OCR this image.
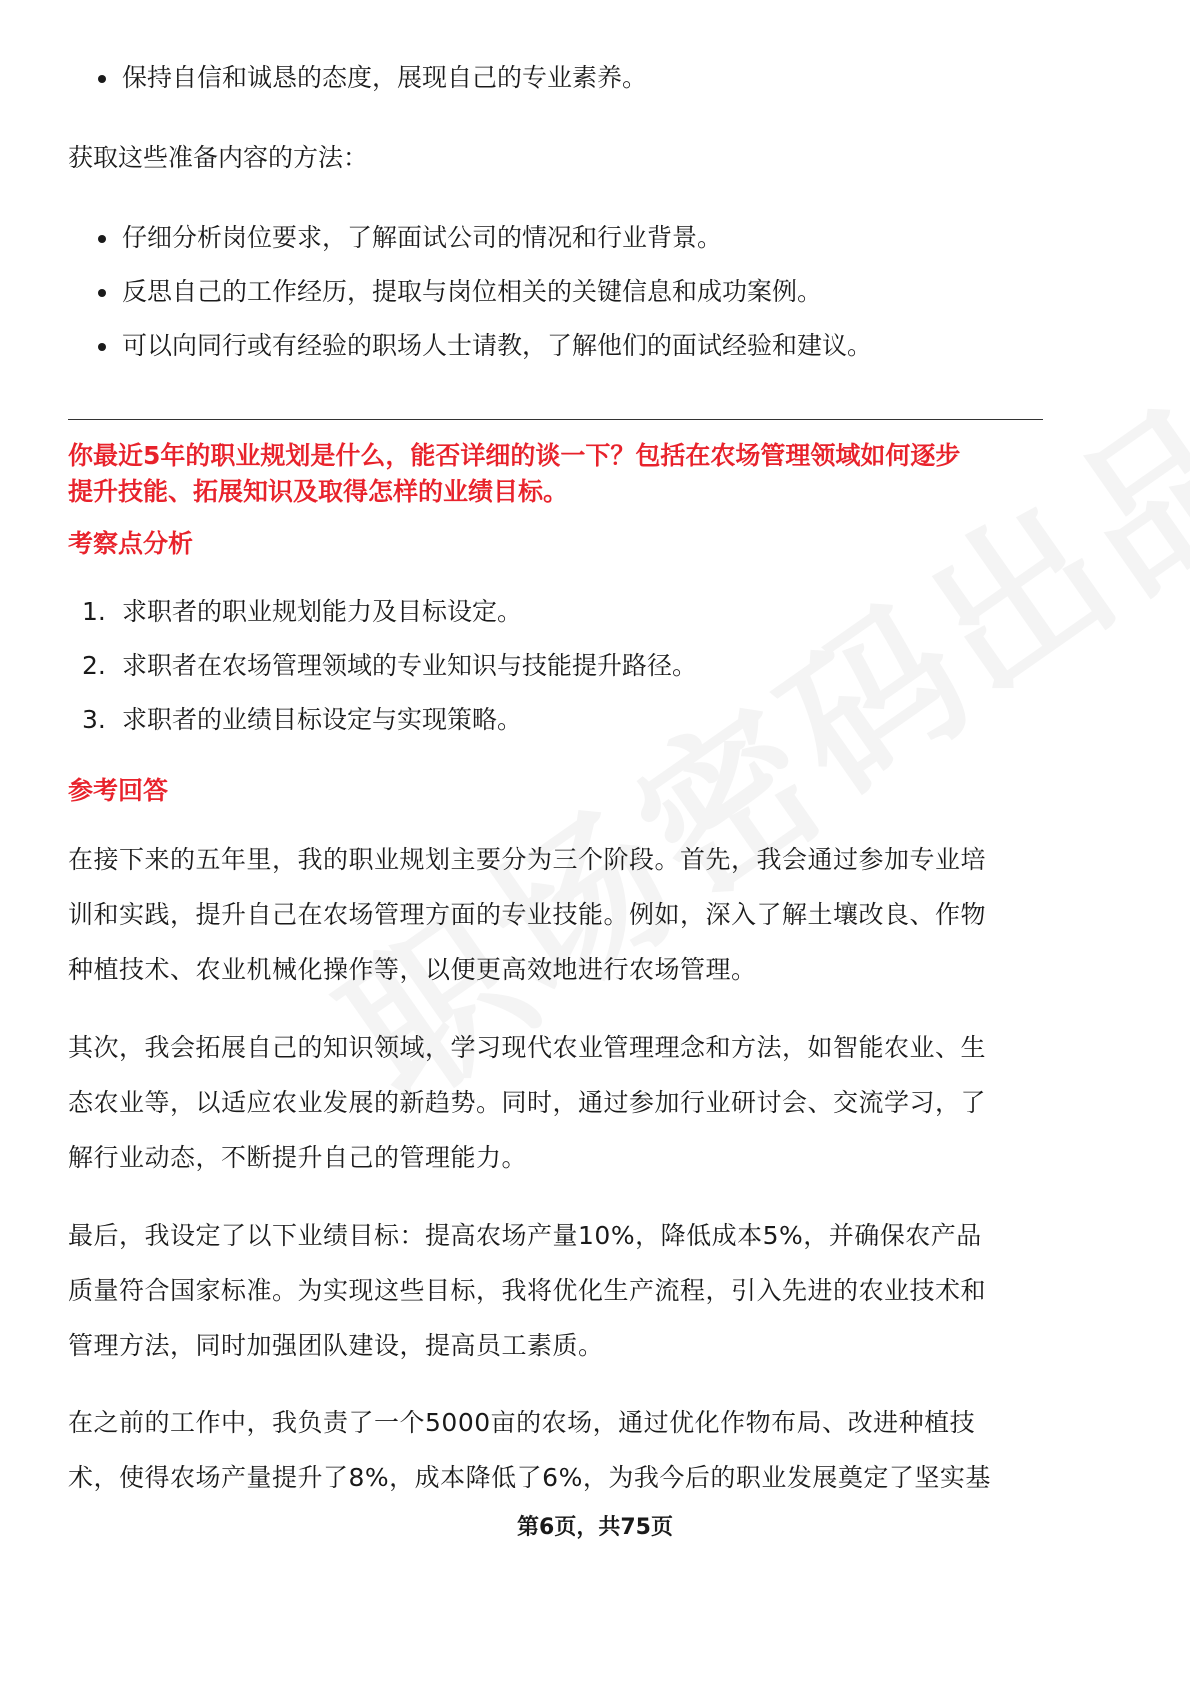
保持自信和诚恳的态度，展现自己的专业素养。
获取这些准备内容的方法：
仔细分析岗位要求，了解面试公司的情况和行业背景。
反思自己的工作经历，提取与岗位相关的关键信息和成功案例。
可以向同行或有经验的职场人士请教，了解他们的面试经验和建议。
你最近5年的职业规划是什么，能否详细的谈一下？包括在农场管理领域如何逐步
提升技能、拓展知识及取得怎样的业绩目标。
考察点分析
1. 求职者的职业规划能力及目标设定。
2. 求职者在农场管理领域的专业知识与技能提升路径。
3. 求职者的业绩目标设定与实现策略。
参考回答
在接下来的五年里，我的职业规划主要分为三个阶段。首先，我会通过参加专业培
训和实践，提升自己在农场管理方面的专业技能。例如，深入了解土壤改良、作物
种植技术、农业机械化操作等，以便更高效地进行农场管理。
其次，我会拓展自己的知识领域，学习现代农业管理理念和方法，如智能农业、生
态农业等，以适应农业发展的新趋势。同时，通过参加行业研讨会、交流学习，了
解行业动态，不断提升自己的管理能力。
最后，我设定了以下业绩目标：提高农场产量10%，降低成本5%，并确保农产品
质量符合国家标准。为实现这些目标，我将优化生产流程，引入先进的农业技术和
管理方法，同时加强团队建设，提高员工素质。
在之前的工作中，我负责了一个5000亩的农场，通过优化作物布局、改进种植技
术，使得农场产量提升了8%，成本降低了6%，为我今后的职业发展奠定了坚实基
第6页，共75页
